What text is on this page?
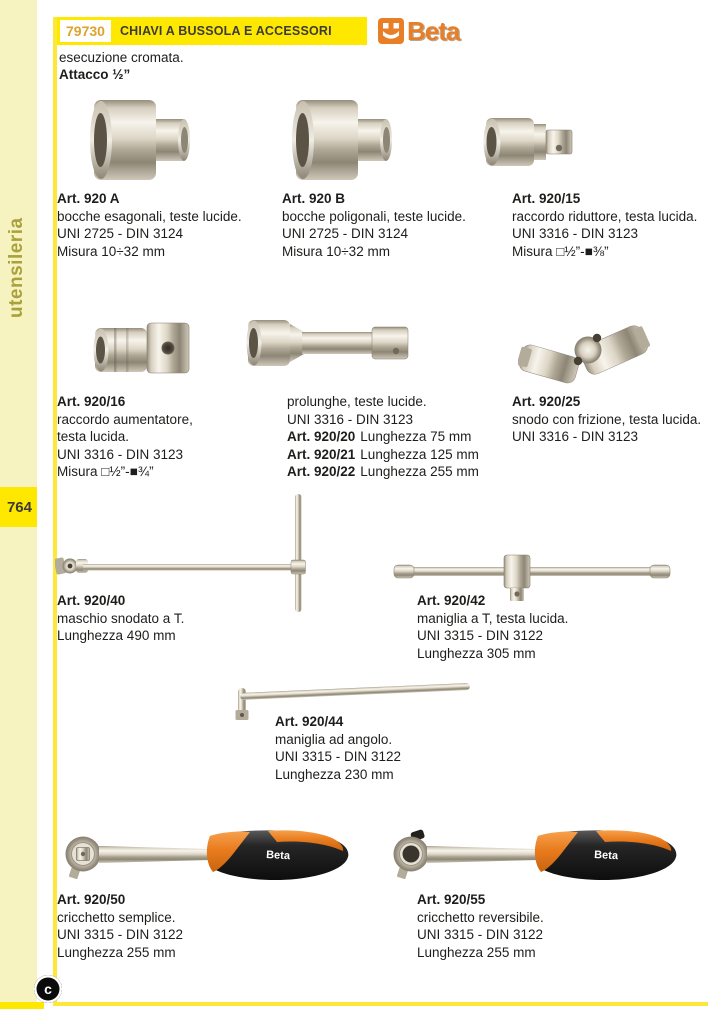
utensileria
764
79730	CHIAVI A BUSSOLA E ACCESSORI	Beta
esecuzione cromata.
Attacco ½”
Beta	Beta
Art. 920 A
bocche esagonali, teste lucide.
UNI 2725 - DIN 3124
Misura 10÷32 mm
Art. 920 B
bocche poligonali, teste lucide.
UNI 2725 - DIN 3124
Misura 10÷32 mm
Art. 920/15
raccordo riduttore, testa lucida.
UNI 3316 - DIN 3123
Misura □½”-■⅜”
Art. 920/16
raccordo aumentatore,
testa lucida.
UNI 3316 - DIN 3123
Misura □½”-■¾”
prolunghe, teste lucide.
UNI 3316 - DIN 3123
Art. 920/20 Lunghezza 75 mm
Art. 920/21 Lunghezza 125 mm
Art. 920/22 Lunghezza 255 mm
Art. 920/25
snodo con frizione, testa lucida.
UNI 3316 - DIN 3123
Art. 920/40
maschio snodato a T.
Lunghezza 490 mm
Art. 920/42
maniglia a T, testa lucida.
UNI 3315 - DIN 3122
Lunghezza 305 mm
Art. 920/44
maniglia ad angolo.
UNI 3315 - DIN 3122
Lunghezza 230 mm
Art. 920/50
cricchetto semplice.
UNI 3315 - DIN 3122
Lunghezza 255 mm
Art. 920/55
cricchetto reversibile.
UNI 3315 - DIN 3122
Lunghezza 255 mm
c
